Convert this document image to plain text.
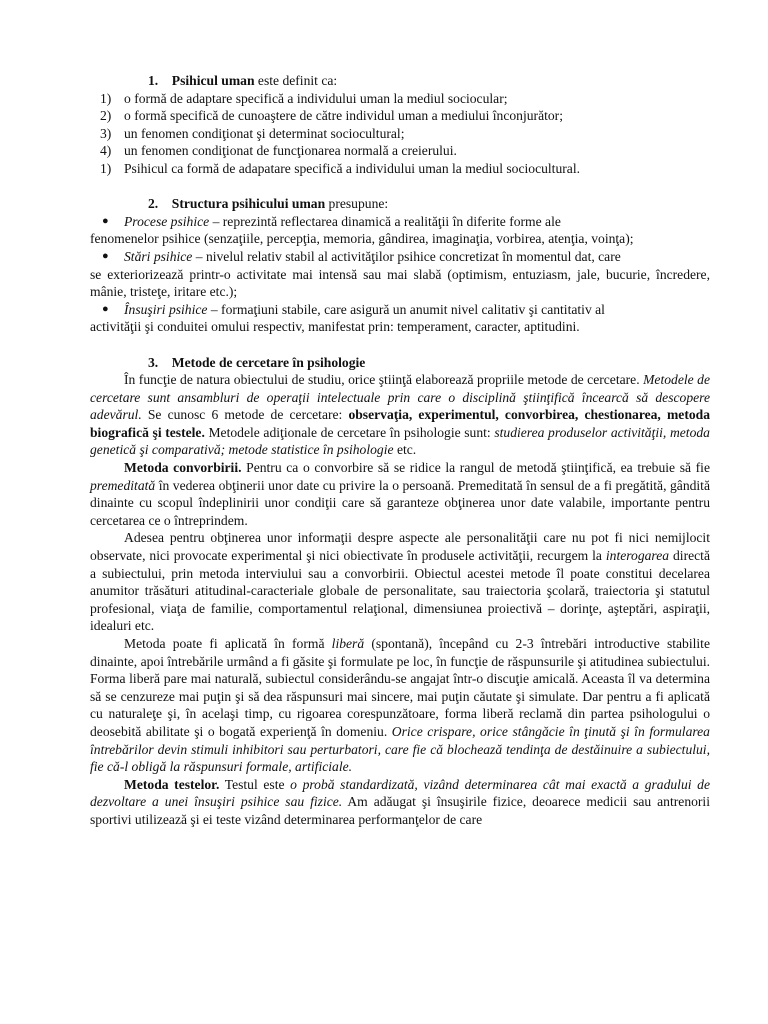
1. Psihicul uman este definit ca:

1) o formă de adaptare specifică a individului uman la mediul sociocular;
2) o formă specifică de cunoaştere de către individul uman a mediului înconjurător;
3) un fenomen condiţionat şi determinat sociocultural;
4) un fenomen condiţionat de funcţionarea normală a creierului.
1) Psihicul ca formă de adapatare specifică a individului uman la mediul sociocultural.

2. Structura psihicului uman presupune:

● Procese psihice – reprezintă reflectarea dinamică a realităţii în diferite forme ale
fenomenelor psihice (senzaţiile, percepţia, memoria, gândirea, imaginaţia, vorbirea, atenţia, voinţa);

● Stări psihice – nivelul relativ stabil al activităţilor psihice concretizat în momentul dat, care
se exteriorizează printr-o activitate mai intensă sau mai slabă (optimism, entuziasm, jale, bucurie, încredere, mânie, tristeţe, iritare etc.);

● Însuşiri psihice – formaţiuni stabile, care asigură un anumit nivel calitativ şi cantitativ al
activităţii şi conduitei omului respectiv, manifestat prin: temperament, caracter, aptitudini.

3. Metode de cercetare în psihologie

În funcţie de natura obiectului de studiu, orice ştiinţă elaborează propriile metode de cercetare. Metodele de cercetare sunt ansambluri de operaţii intelectuale prin care o disciplină ştiinţifică încearcă să descopere adevărul. Se cunosc 6 metode de cercetare: observaţia, experimentul, convorbirea, chestionarea, metoda biografică şi testele. Metodele adiţionale de cercetare în psihologie sunt: studierea produselor activităţii, metoda genetică şi comparativă; metode statistice în psihologie etc.

Metoda convorbirii. Pentru ca o convorbire să se ridice la rangul de metodă ştiinţifică, ea trebuie să fie premeditată în vederea obţinerii unor date cu privire la o persoană. Premeditată în sensul de a fi pregătită, gândită dinainte cu scopul îndeplinirii unor condiţii care să garanteze obţinerea unor date valabile, importante pentru cercetarea ce o întreprindem.

Adesea pentru obţinerea unor informaţii despre aspecte ale personalităţii care nu pot fi nici nemijlocit observate, nici provocate experimental şi nici obiectivate în produsele activităţii, recurgem la interogarea directă a subiectului, prin metoda interviului sau a convorbirii. Obiectul acestei metode îl poate constitui decelarea anumitor trăsături atitudinal-caracteriale globale de personalitate, sau traiectoria şcolară, traiectoria şi statutul profesional, viaţa de familie, comportamentul relaţional, dimensiunea proiectivă – dorinţe, aşteptări, aspiraţii, idealuri etc.

Metoda poate fi aplicată în formă liberă (spontană), începând cu 2-3 întrebări introductive stabilite dinainte, apoi întrebările urmând a fi găsite şi formulate pe loc, în funcţie de răspunsurile şi atitudinea subiectului. Forma liberă pare mai naturală, subiectul considerându-se angajat într-o discuţie amicală. Aceasta îl va determina să se cenzureze mai puţin şi să dea răspunsuri mai sincere, mai puţin căutate şi simulate. Dar pentru a fi aplicată cu naturaleţe şi, în acelaşi timp, cu rigoarea corespunzătoare, forma liberă reclamă din partea psihologului o deosebită abilitate şi o bogată experienţă în domeniu. Orice crispare, orice stângăcie în ţinută şi în formularea întrebărilor devin stimuli inhibitori sau perturbatori, care fie că blochează tendinţa de destăinuire a subiectului, fie că-l obligă la răspunsuri formale, artificiale.

Metoda testelor. Testul este o probă standardizată, vizând determinarea cât mai exactă a gradului de dezvoltare a unei însuşiri psihice sau fizice. Am adăugat şi însuşirile fizice, deoarece medicii sau antrenorii sportivi utilizează şi ei teste vizând determinarea performanţelor de care
